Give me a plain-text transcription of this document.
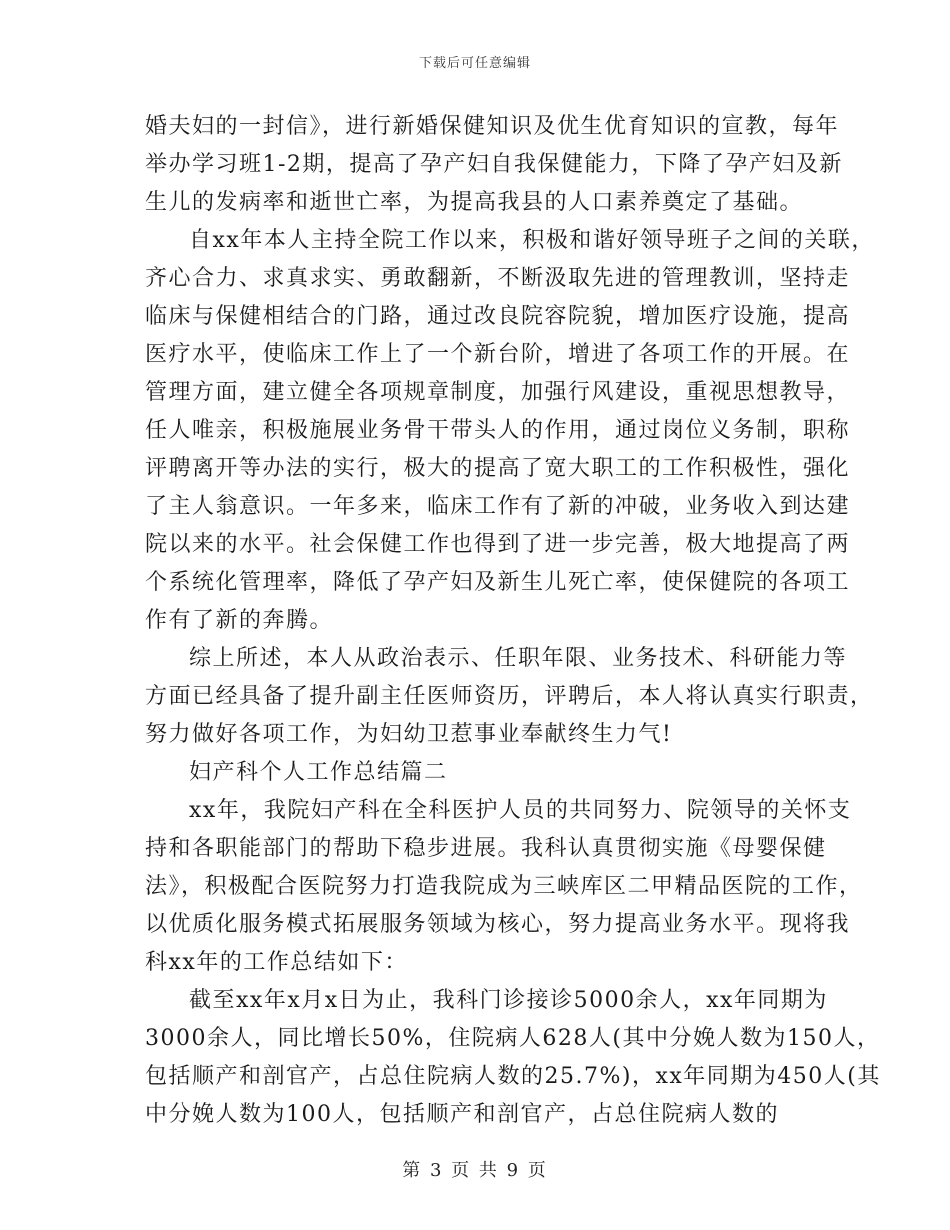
下载后可任意编辑
婚夫妇的一封信》，进行新婚保健知识及优生优育知识的宣教，每年
举办学习班1-2期，提高了孕产妇自我保健能力，下降了孕产妇及新
生儿的发病率和逝世亡率，为提高我县的人口素养奠定了基础。
自xx年本人主持全院工作以来，积极和谐好领导班子之间的关联，
齐心合力、求真求实、勇敢翻新，不断汲取先进的管理教训，坚持走
临床与保健相结合的门路，通过改良院容院貌，增加医疗设施，提高
医疗水平，使临床工作上了一个新台阶，增进了各项工作的开展。在
管理方面，建立健全各项规章制度，加强行风建设，重视思想教导，
任人唯亲，积极施展业务骨干带头人的作用，通过岗位义务制，职称
评聘离开等办法的实行，极大的提高了宽大职工的工作积极性，强化
了主人翁意识。一年多来，临床工作有了新的冲破，业务收入到达建
院以来的水平。社会保健工作也得到了进一步完善，极大地提高了两
个系统化管理率，降低了孕产妇及新生儿死亡率，使保健院的各项工
作有了新的奔腾。
综上所述，本人从政治表示、任职年限、业务技术、科研能力等
方面已经具备了提升副主任医师资历，评聘后，本人将认真实行职责，
努力做好各项工作，为妇幼卫惹事业奉献终生力气!
妇产科个人工作总结篇二
xx年，我院妇产科在全科医护人员的共同努力、院领导的关怀支
持和各职能部门的帮助下稳步进展。我科认真贯彻实施《母婴保健
法》，积极配合医院努力打造我院成为三峡库区二甲精品医院的工作，
以优质化服务模式拓展服务领域为核心，努力提高业务水平。现将我
科xx年的工作总结如下：
截至xx年x月x日为止，我科门诊接诊5000余人，xx年同期为
3000余人，同比增长50%，住院病人628人(其中分娩人数为150人，
包括顺产和剖官产，占总住院病人数的25.7%)，xx年同期为450人(其
中分娩人数为100人，包括顺产和剖官产，占总住院病人数的
第 3 页 共 9 页
